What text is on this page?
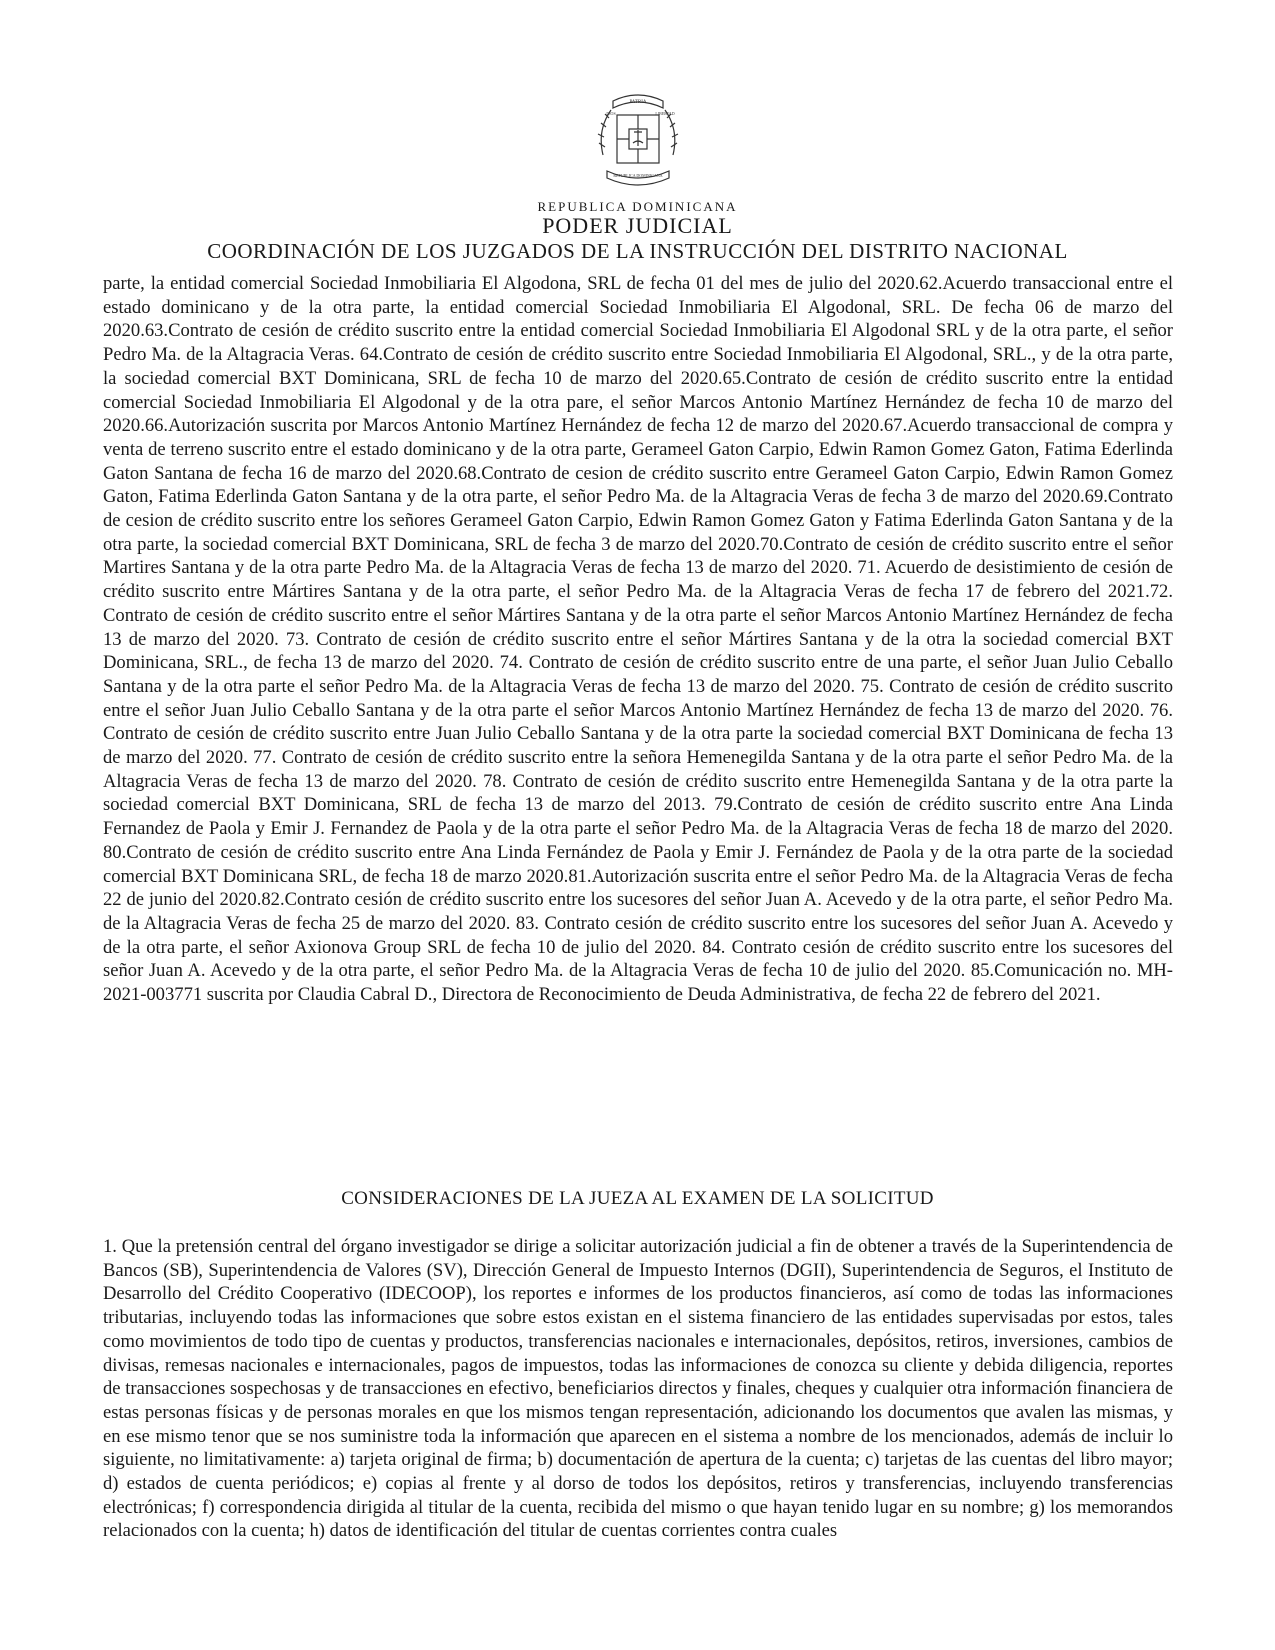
PATRIA
DIOS	LIBERTAD
REPUBLICA DOMINICANA
REPUBLICA DOMINICANA
PODER JUDICIAL
COORDINACIÓN DE LOS JUZGADOS DE LA INSTRUCCIÓN DEL DISTRITO NACIONAL
parte, la entidad comercial Sociedad Inmobiliaria El Algodona, SRL de fecha 01 del mes de julio del 2020.62.Acuerdo transaccional entre el estado dominicano y de la otra parte, la entidad comercial Sociedad Inmobiliaria El Algodonal, SRL. De fecha 06 de marzo del 2020.63.Contrato de cesión de crédito suscrito entre la entidad comercial Sociedad Inmobiliaria El Algodonal SRL y de la otra parte, el señor Pedro Ma. de la Altagracia Veras. 64.Contrato de cesión de crédito suscrito entre Sociedad Inmobiliaria El Algodonal, SRL., y de la otra parte, la sociedad comercial BXT Dominicana, SRL de fecha 10 de marzo del 2020.65.Contrato de cesión de crédito suscrito entre la entidad comercial Sociedad Inmobiliaria El Algodonal y de la otra pare, el señor Marcos Antonio Martínez Hernández de fecha 10 de marzo del 2020.66.Autorización suscrita por Marcos Antonio Martínez Hernández de fecha 12 de marzo del 2020.67.Acuerdo transaccional de compra y venta de terreno suscrito entre el estado dominicano y de la otra parte, Gerameel Gaton Carpio, Edwin Ramon Gomez Gaton, Fatima Ederlinda Gaton Santana de fecha 16 de marzo del 2020.68.Contrato de cesion de crédito suscrito entre Gerameel Gaton Carpio, Edwin Ramon Gomez Gaton, Fatima Ederlinda Gaton Santana y de la otra parte, el señor Pedro Ma. de la Altagracia Veras de fecha 3 de marzo del 2020.69.Contrato de cesion de crédito suscrito entre los señores Gerameel Gaton Carpio, Edwin Ramon Gomez Gaton y Fatima Ederlinda Gaton Santana y de la otra parte, la sociedad comercial BXT Dominicana, SRL de fecha 3 de marzo del 2020.70.Contrato de cesión de crédito suscrito entre el señor Martires Santana y de la otra parte Pedro Ma. de la Altagracia Veras de fecha 13 de marzo del 2020. 71. Acuerdo de desistimiento de cesión de crédito suscrito entre Mártires Santana y de la otra parte, el señor Pedro Ma. de la Altagracia Veras de fecha 17 de febrero del 2021.72. Contrato de cesión de crédito suscrito entre el señor Mártires Santana y de la otra parte el señor Marcos Antonio Martínez Hernández de fecha 13 de marzo del 2020. 73. Contrato de cesión de crédito suscrito entre el señor Mártires Santana y de la otra la sociedad comercial BXT Dominicana, SRL., de fecha 13 de marzo del 2020. 74. Contrato de cesión de crédito suscrito entre de una parte, el señor Juan Julio Ceballo Santana y de la otra parte el señor Pedro Ma. de la Altagracia Veras de fecha 13 de marzo del 2020. 75. Contrato de cesión de crédito suscrito entre el señor Juan Julio Ceballo Santana y de la otra parte el señor Marcos Antonio Martínez Hernández de fecha 13 de marzo del 2020. 76. Contrato de cesión de crédito suscrito entre Juan Julio Ceballo Santana y de la otra parte la sociedad comercial BXT Dominicana de fecha 13 de marzo del 2020. 77. Contrato de cesión de crédito suscrito entre la señora Hemenegilda Santana y de la otra parte el señor Pedro Ma. de la Altagracia Veras de fecha 13 de marzo del 2020. 78. Contrato de cesión de crédito suscrito entre Hemenegilda Santana y de la otra parte la sociedad comercial BXT Dominicana, SRL de fecha 13 de marzo del 2013. 79.Contrato de cesión de crédito suscrito entre Ana Linda Fernandez de Paola y Emir J. Fernandez de Paola y de la otra parte el señor Pedro Ma. de la Altagracia Veras de fecha 18 de marzo del 2020. 80.Contrato de cesión de crédito suscrito entre Ana Linda Fernández de Paola y Emir J. Fernández de Paola y de la otra parte de la sociedad comercial BXT Dominicana SRL, de fecha 18 de marzo 2020.81.Autorización suscrita entre el señor Pedro Ma. de la Altagracia Veras de fecha 22 de junio del 2020.82.Contrato cesión de crédito suscrito entre los sucesores del señor Juan A. Acevedo y de la otra parte, el señor Pedro Ma. de la Altagracia Veras de fecha 25 de marzo del 2020. 83. Contrato cesión de crédito suscrito entre los sucesores del señor Juan A. Acevedo y de la otra parte, el señor Axionova Group SRL de fecha 10 de julio del 2020. 84. Contrato cesión de crédito suscrito entre los sucesores del señor Juan A. Acevedo y de la otra parte, el señor Pedro Ma. de la Altagracia Veras de fecha 10 de julio del 2020. 85.Comunicación no. MH-2021-003771 suscrita por Claudia Cabral D., Directora de Reconocimiento de Deuda Administrativa, de fecha 22 de febrero del 2021.
CONSIDERACIONES DE LA JUEZA AL EXAMEN DE LA SOLICITUD
1. Que la pretensión central del órgano investigador se dirige a solicitar autorización judicial a fin de obtener a través de la Superintendencia de Bancos (SB), Superintendencia de Valores (SV), Dirección General de Impuesto Internos (DGII), Superintendencia de Seguros, el Instituto de Desarrollo del Crédito Cooperativo (IDECOOP), los reportes e informes de los productos financieros, así como de todas las informaciones tributarias, incluyendo todas las informaciones que sobre estos existan en el sistema financiero de las entidades supervisadas por estos, tales como movimientos de todo tipo de cuentas y productos, transferencias nacionales e internacionales, depósitos, retiros, inversiones, cambios de divisas, remesas nacionales e internacionales, pagos de impuestos, todas las informaciones de conozca su cliente y debida diligencia, reportes de transacciones sospechosas y de transacciones en efectivo, beneficiarios directos y finales, cheques y cualquier otra información financiera de estas personas físicas y de personas morales en que los mismos tengan representación, adicionando los documentos que avalen las mismas, y en ese mismo tenor que se nos suministre toda la información que aparecen en el sistema a nombre de los mencionados, además de incluir lo siguiente, no limitativamente: a) tarjeta original de firma; b) documentación de apertura de la cuenta; c) tarjetas de las cuentas del libro mayor; d) estados de cuenta periódicos; e) copias al frente y al dorso de todos los depósitos, retiros y transferencias, incluyendo transferencias electrónicas; f) correspondencia dirigida al titular de la cuenta, recibida del mismo o que hayan tenido lugar en su nombre; g) los memorandos relacionados con la cuenta; h) datos de identificación del titular de cuentas corrientes contra cuales
